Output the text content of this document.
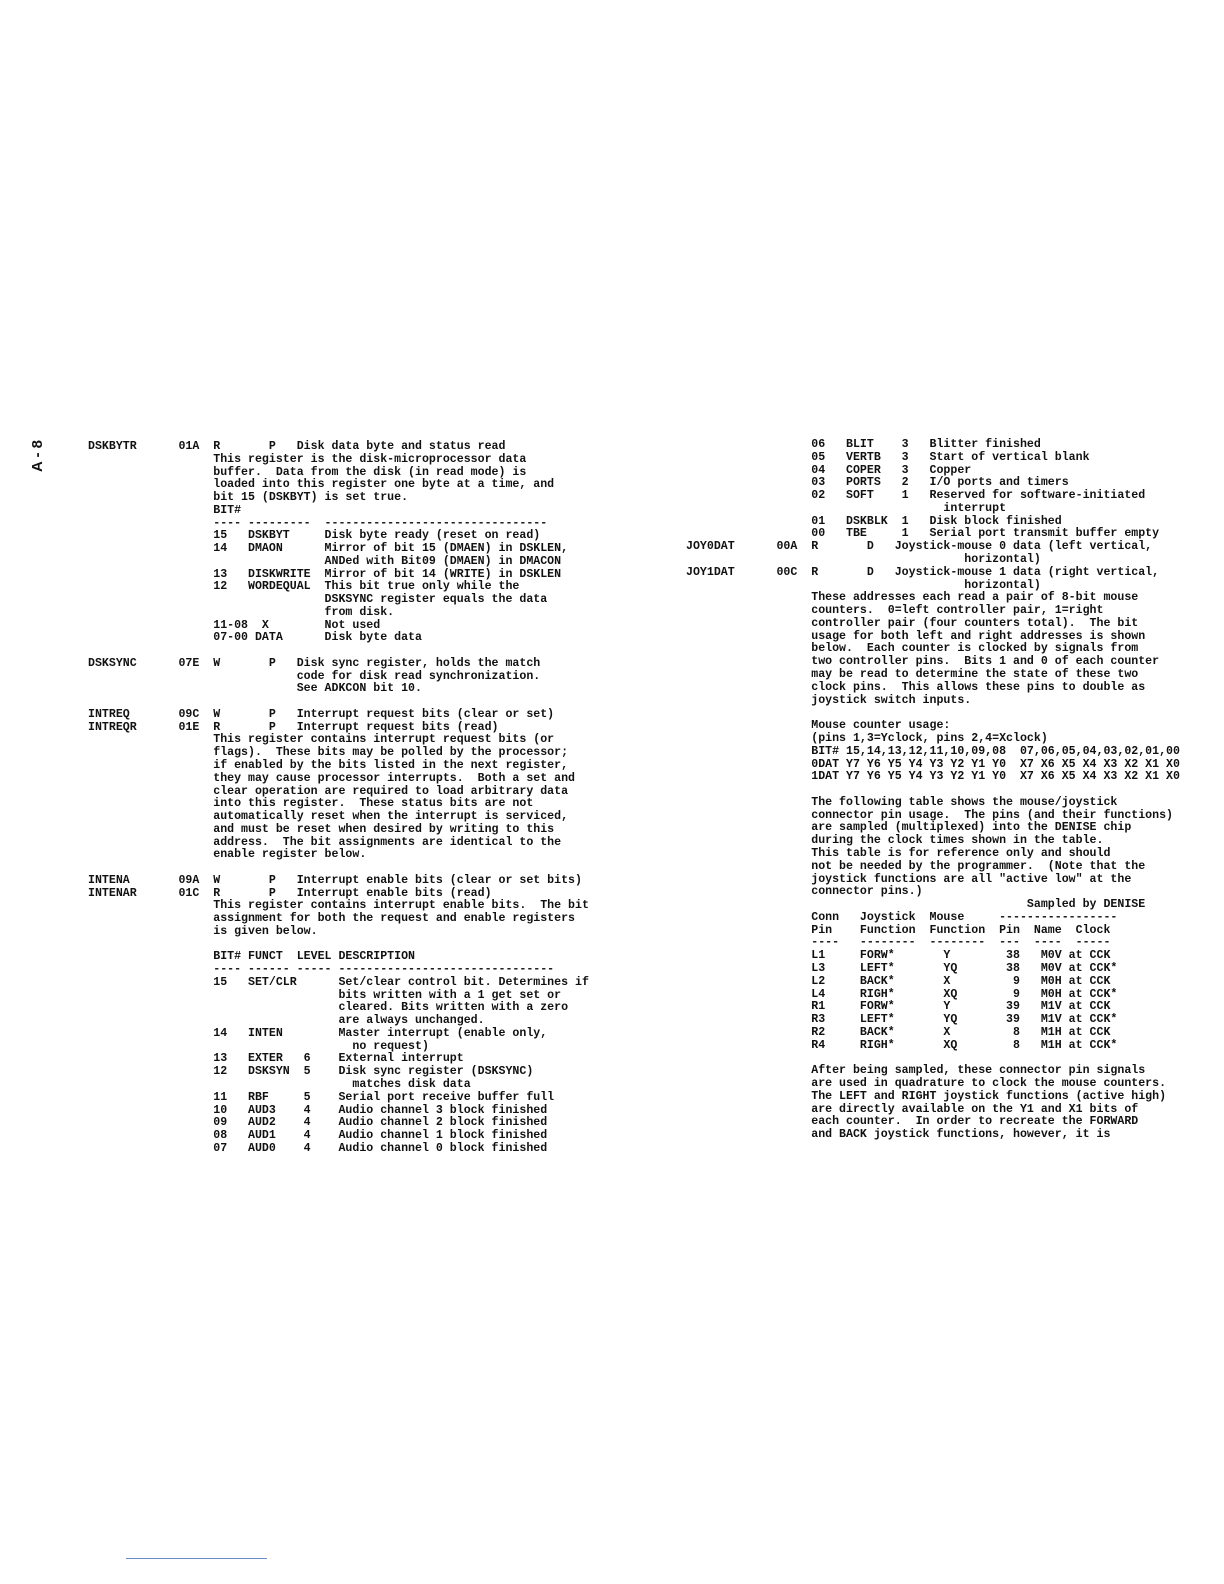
A - 8	DSKBYTR      01A  R       P   Disk data byte and status read
This register is the disk-microprocessor data
buffer.  Data from the disk (in read mode) is
loaded into this register one byte at a time, and
bit 15 (DSKBYT) is set true.
BIT#
---- ---------  --------------------------------
15   DSKBYT     Disk byte ready (reset on read)
14   DMAON      Mirror of bit 15 (DMAEN) in DSKLEN,
ANDed with Bit09 (DMAEN) in DMACON
13   DISKWRITE  Mirror of bit 14 (WRITE) in DSKLEN
12   WORDEQUAL  This bit true only while the
DSKSYNC register equals the data
from disk.
11-08  X        Not used
07-00 DATA      Disk byte data
DSKSYNC      07E  W       P   Disk sync register, holds the match
code for disk read synchronization.
See ADKCON bit 10.
INTREQ       09C  W       P   Interrupt request bits (clear or set)
INTREQR      01E  R       P   Interrupt request bits (read)
This register contains interrupt request bits (or
flags).  These bits may be polled by the processor;
if enabled by the bits listed in the next register,
they may cause processor interrupts.  Both a set and
clear operation are required to load arbitrary data
into this register.  These status bits are not
automatically reset when the interrupt is serviced,
and must be reset when desired by writing to this
address.  The bit assignments are identical to the
enable register below.
INTENA       09A  W       P   Interrupt enable bits (clear or set bits)
INTENAR      01C  R       P   Interrupt enable bits (read)
This register contains interrupt enable bits.  The bit
assignment for both the request and enable registers
is given below.
BIT# FUNCT  LEVEL DESCRIPTION
---- ------ ----- -------------------------------
15   SET/CLR      Set/clear control bit. Determines if
bits written with a 1 get set or
cleared. Bits written with a zero
are always unchanged.
14   INTEN        Master interrupt (enable only,
no request)
13   EXTER   6    External interrupt
12   DSKSYN  5    Disk sync register (DSKSYNC)
matches disk data
11   RBF     5    Serial port receive buffer full
10   AUD3    4    Audio channel 3 block finished
09   AUD2    4    Audio channel 2 block finished
08   AUD1    4    Audio channel 1 block finished
07   AUD0    4    Audio channel 0 block finished
06   BLIT    3   Blitter finished
05   VERTB   3   Start of vertical blank
04   COPER   3   Copper
03   PORTS   2   I/O ports and timers
02   SOFT    1   Reserved for software-initiated
interrupt
01   DSKBLK  1   Disk block finished
00   TBE     1   Serial port transmit buffer empty
JOY0DAT      00A  R       D   Joystick-mouse 0 data (left vertical,
horizontal)
JOY1DAT      00C  R       D   Joystick-mouse 1 data (right vertical,
horizontal)
These addresses each read a pair of 8-bit mouse
counters.  0=left controller pair, 1=right
controller pair (four counters total).  The bit
usage for both left and right addresses is shown
below.  Each counter is clocked by signals from
two controller pins.  Bits 1 and 0 of each counter
may be read to determine the state of these two
clock pins.  This allows these pins to double as
joystick switch inputs.
Mouse counter usage:
(pins 1,3=Yclock, pins 2,4=Xclock)
BIT# 15,14,13,12,11,10,09,08  07,06,05,04,03,02,01,00
0DAT Y7 Y6 Y5 Y4 Y3 Y2 Y1 Y0  X7 X6 X5 X4 X3 X2 X1 X0
1DAT Y7 Y6 Y5 Y4 Y3 Y2 Y1 Y0  X7 X6 X5 X4 X3 X2 X1 X0
The following table shows the mouse/joystick
connector pin usage.  The pins (and their functions)
are sampled (multiplexed) into the DENISE chip
during the clock times shown in the table.
This table is for reference only and should
not be needed by the programmer.  (Note that the
joystick functions are all "active low" at the
connector pins.)
Sampled by DENISE
Conn   Joystick  Mouse     -----------------
Pin    Function  Function  Pin  Name  Clock
----   --------  --------  ---  ----  -----
L1     FORW*       Y        38   M0V at CCK
L3     LEFT*       YQ       38   M0V at CCK*
L2     BACK*       X         9   M0H at CCK
L4     RIGH*       XQ        9   M0H at CCK*
R1     FORW*       Y        39   M1V at CCK
R3     LEFT*       YQ       39   M1V at CCK*
R2     BACK*       X         8   M1H at CCK
R4     RIGH*       XQ        8   M1H at CCK*
After being sampled, these connector pin signals
are used in quadrature to clock the mouse counters.
The LEFT and RIGHT joystick functions (active high)
are directly available on the Y1 and X1 bits of
each counter.  In order to recreate the FORWARD
and BACK joystick functions, however, it is
